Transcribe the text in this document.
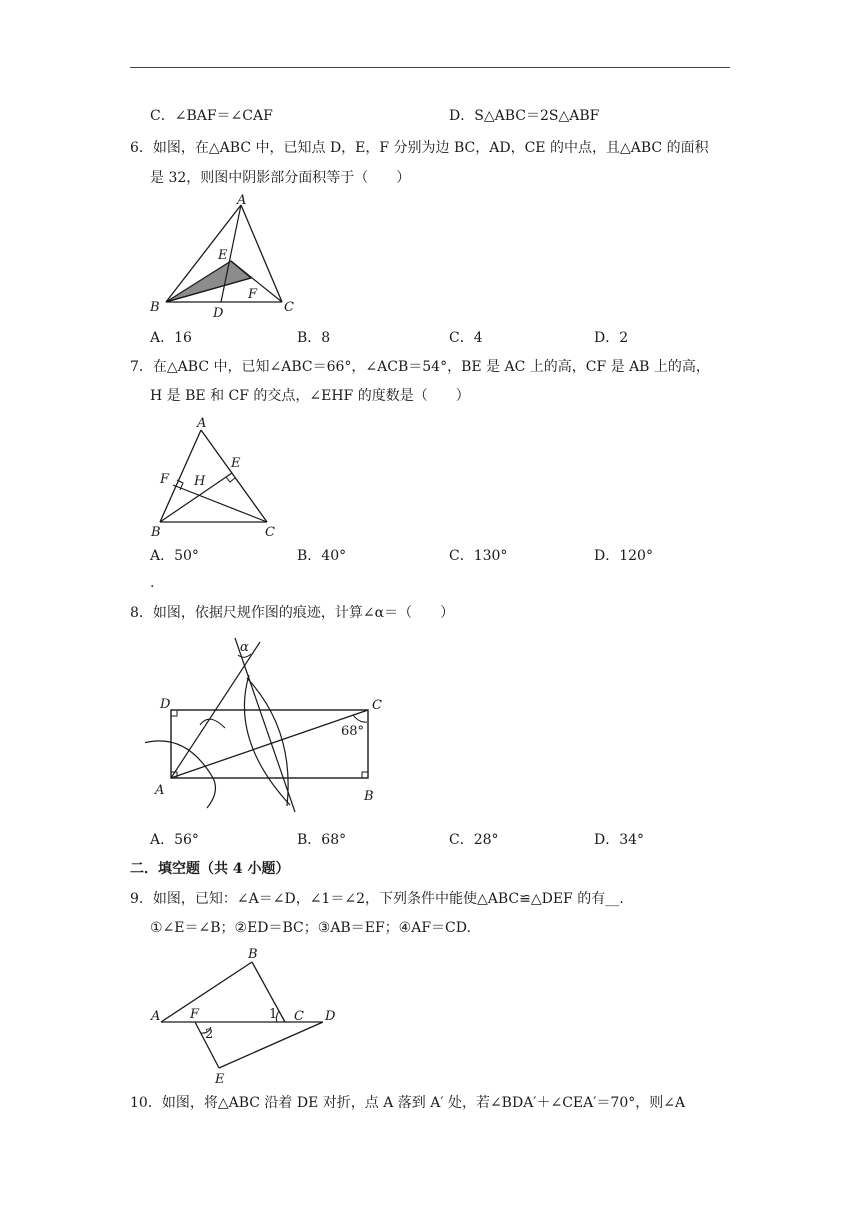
C．∠BAF＝∠CAF	D．S△ABC＝2S△ABF
6．如图，在△ABC 中，已知点 D，E，F 分别为边 BC，AD，CE 的中点，且△ABC 的面积
是 32，则图中阴影部分面积等于（　　）
A
B	C
D
E
F
A．16	B．8	C．4	D．2
7．在△ABC 中，已知∠ABC＝66°，∠ACB＝54°，BE 是 AC 上的高，CF 是 AB 上的高，
H 是 BE 和 CF 的交点，∠EHF 的度数是（　　）
A
B	C
E
F H
A．50°	B．40°	C．130°	D．120°
.
8．如图，依据尺规作图的痕迹，计算∠α＝（　　）
D	C
A	B
α
68°
A．56°	B．68°	C．28°	D．34°
二．填空题（共 4 小题）
9．如图，已知：∠A＝∠D，∠1＝∠2，下列条件中能使△ABC≌△DEF 的有__.
①∠E＝∠B；②ED＝BC；③AB＝EF；④AF＝CD.
A
B
C D
E
F	1
2
10．如图，将△ABC 沿着 DE 对折，点 A 落到 A′ 处，若∠BDA′＋∠CEA′＝70°，则∠A
